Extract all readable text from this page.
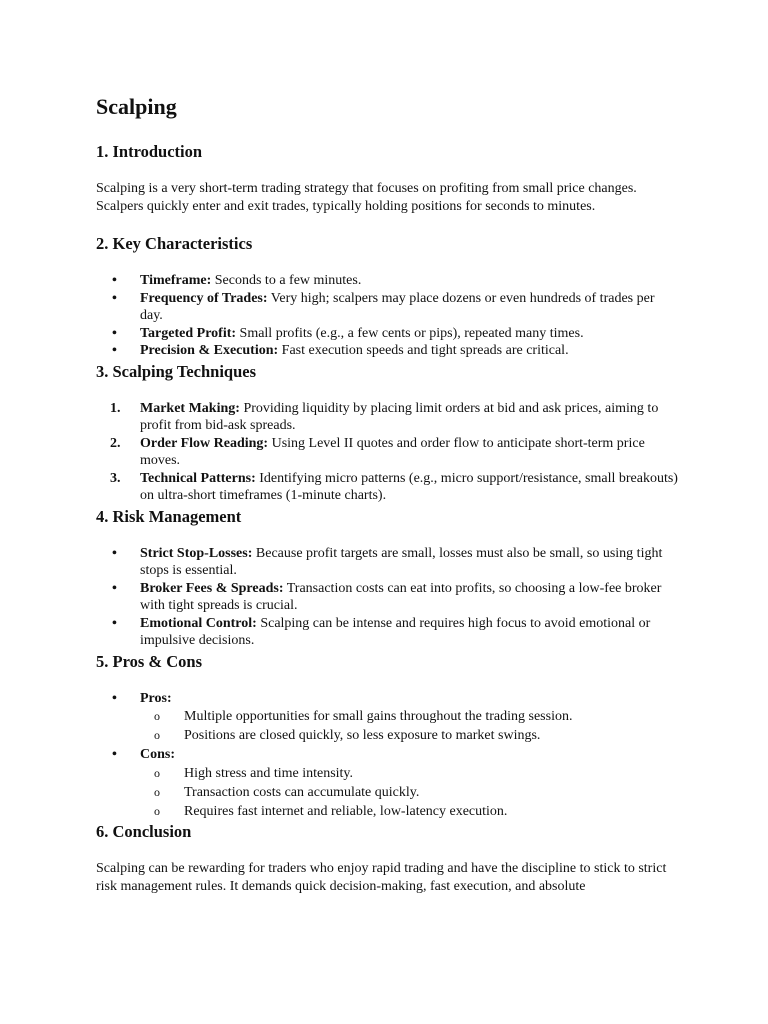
Scalping
1. Introduction

Scalping is a very short-term trading strategy that focuses on profiting from small price changes. Scalpers quickly enter and exit trades, typically holding positions for seconds to minutes.

2. Key Characteristics
• Timeframe: Seconds to a few minutes.
• Frequency of Trades: Very high; scalpers may place dozens or even hundreds of trades per day.
• Targeted Profit: Small profits (e.g., a few cents or pips), repeated many times.
• Precision & Execution: Fast execution speeds and tight spreads are critical.
3. Scalping Techniques
1. Market Making: Providing liquidity by placing limit orders at bid and ask prices, aiming to profit from bid-ask spreads.
2. Order Flow Reading: Using Level II quotes and order flow to anticipate short-term price moves.
3. Technical Patterns: Identifying micro patterns (e.g., micro support/resistance, small breakouts) on ultra-short timeframes (1-minute charts).
4. Risk Management
• Strict Stop-Losses: Because profit targets are small, losses must also be small, so using tight stops is essential.
• Broker Fees & Spreads: Transaction costs can eat into profits, so choosing a low-fee broker with tight spreads is crucial.
• Emotional Control: Scalping can be intense and requires high focus to avoid emotional or impulsive decisions.
5. Pros & Cons
• Pros:
o Multiple opportunities for small gains throughout the trading session.
o Positions are closed quickly, so less exposure to market swings.
• Cons:
o High stress and time intensity.
o Transaction costs can accumulate quickly.
o Requires fast internet and reliable, low-latency execution.
6. Conclusion

Scalping can be rewarding for traders who enjoy rapid trading and have the discipline to stick to strict risk management rules. It demands quick decision-making, fast execution, and absolute
